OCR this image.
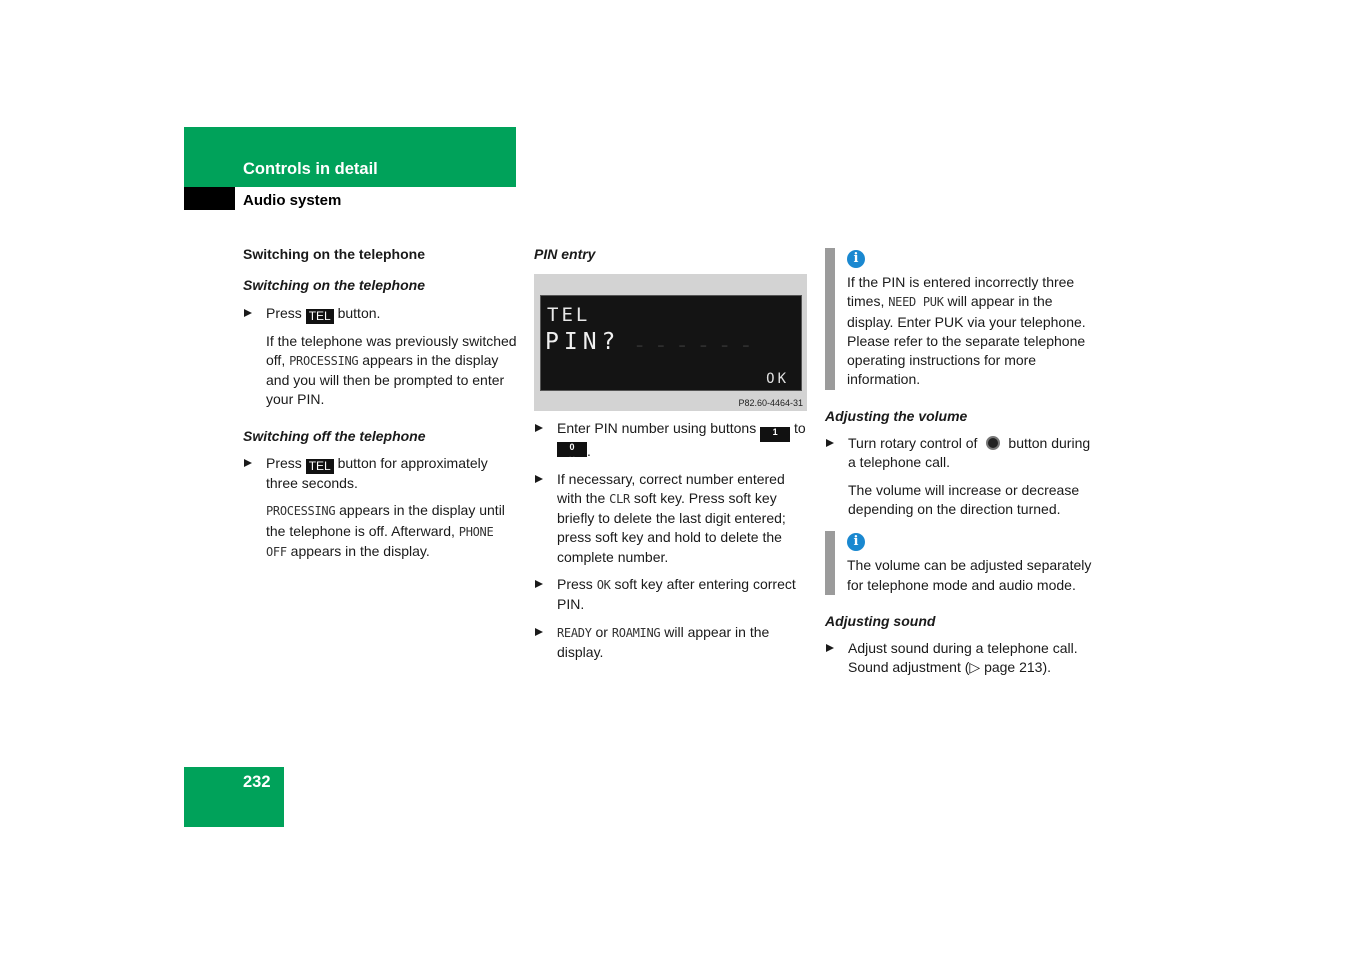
Controls in detail
Audio system
Switching on the telephone
Switching on the telephone
Press TEL button.
If the telephone was previously switched off, PROCESSING appears in the display and you will then be prompted to enter your PIN.
Switching off the telephone
Press TEL button for approximately three seconds.
PROCESSING appears in the display until the telephone is off. Afterward, PHONE OFF appears in the display.
PIN entry
TEL
------
PIN?
OK
P82.60-4464-31
Enter PIN number using buttons 1 to 0
␣ .
If necessary, correct number entered with the CLR soft key. Press soft key briefly to delete the last digit entered; press soft key and hold to delete the complete number.
Press OK soft key after entering correct PIN.
READY or ROAMING will appear in the display.
i
If the PIN is entered incorrectly three times, NEED PUK will appear in the display. Enter PUK via your telephone. Please refer to the separate telephone operating instructions for more information.
Adjusting the volume
Turn rotary control of button during a telephone call.
The volume will increase or decrease depending on the direction turned.
i
The volume can be adjusted separately for telephone mode and audio mode.
Adjusting sound
Adjust sound during a telephone call. Sound adjustment (▷ page 213).
232
